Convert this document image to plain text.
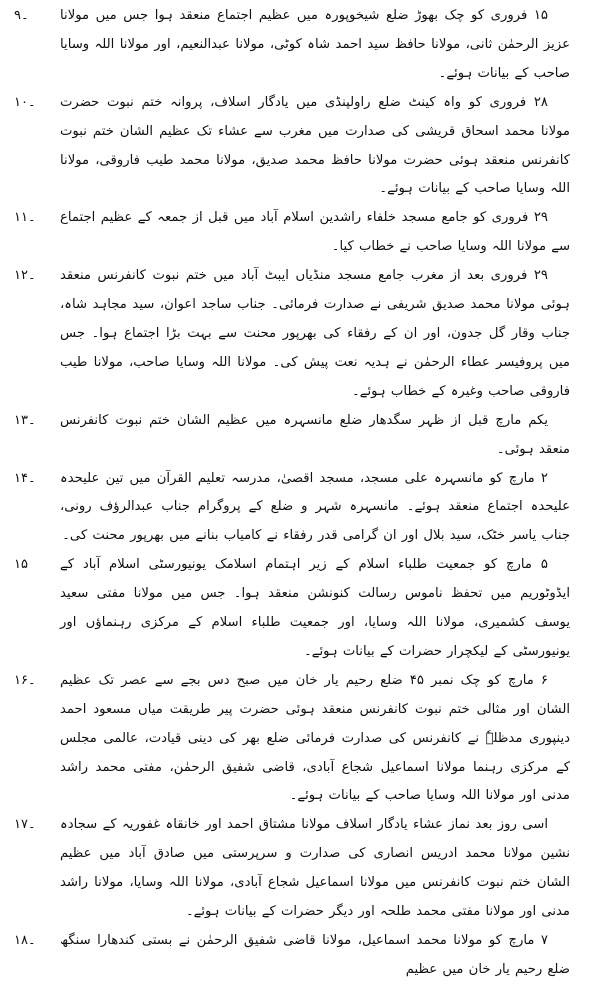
۹۔	۱۵ فروری کو چک بھوڑ ضلع شیخوپورہ میں عظیم اجتماع منعقد ہوا جس میں مولانا عزیز الرحمٰن ثانی، مولانا حافظ سید احمد شاہ کوٹی، مولانا عبدالنعیم، اور مولانا اللہ وسایا صاحب کے بیانات ہوئے۔
۱۰۔	۲۸ فروری کو واہ کینٹ ضلع راولپنڈی میں یادگار اسلاف، پروانہ ختم نبوت حضرت مولانا محمد اسحاق قریشی کی صدارت میں مغرب سے عشاء تک عظیم الشان ختم نبوت کانفرنس منعقد ہوئی حضرت مولانا حافظ محمد صدیق، مولانا محمد طیب فاروقی، مولانا اللہ وسایا صاحب کے بیانات ہوئے۔
۱۱۔	۲۹ فروری کو جامع مسجد خلفاء راشدین اسلام آباد میں قبل از جمعہ کے عظیم اجتماع سے مولانا اللہ وسایا صاحب نے خطاب کیا۔
۱۲۔	۲۹ فروری بعد از مغرب جامع مسجد منڈیاں ایبٹ آباد میں ختم نبوت کانفرنس منعقد ہوئی مولانا محمد صدیق شریفی نے صدارت فرمائی۔ جناب ساجد اعوان، سید مجاہد شاہ، جناب وقار گل جدون، اور ان کے رفقاء کی بھرپور محنت سے بہت بڑا اجتماع ہوا۔ جس میں پروفیسر عطاء الرحمٰن نے ہدیہ نعت پیش کی۔ مولانا اللہ وسایا صاحب، مولانا طیب فاروقی صاحب وغیرہ کے خطاب ہوئے۔
۱۳۔	یکم مارچ قبل از ظہر سگدھار ضلع مانسہرہ میں عظیم الشان ختم نبوت کانفرنس منعقد ہوئی۔
۱۴۔	۲ مارچ کو مانسہرہ علی مسجد، مسجد اقصیٰ، مدرسہ تعلیم القرآن میں تین علیحدہ علیحدہ اجتماع منعقد ہوئے۔ مانسہرہ شہر و ضلع کے پروگرام جناب عبدالرؤف رونی، جناب یاسر خٹک، سید بلال اور ان گرامی قدر رفقاء نے کامیاب بنانے میں بھرپور محنت کی۔
۱۵	۵ مارچ کو جمعیت طلباء اسلام کے زیر اہتمام اسلامک یونیورسٹی اسلام آباد کے ایڈوٹوریم میں تحفظ ناموس رسالت کنونشن منعقد ہوا۔ جس میں مولانا مفتی سعید یوسف کشمیری، مولانا اللہ وسایا، اور جمعیت طلباء اسلام کے مرکزی رہنماؤں اور یونیورسٹی کے لیکچرار حضرات کے بیانات ہوئے۔
۱۶۔	۶ مارچ کو چک نمبر ۴۵ ضلع رحیم یار خان میں صبح دس بجے سے عصر تک عظیم الشان اور مثالی ختم نبوت کانفرنس منعقد ہوئی حضرت پیر طریقت میاں مسعود احمد دینپوری مدظلہٗ نے کانفرنس کی صدارت فرمائی ضلع بھر کی دینی قیادت، عالمی مجلس کے مرکزی رہنما مولانا اسماعیل شجاع آبادی، قاضی شفیق الرحمٰن، مفتی محمد راشد مدنی اور مولانا اللہ وسایا صاحب کے بیانات ہوئے۔
۱۷۔	اسی روز بعد نماز عشاء یادگار اسلاف مولانا مشتاق احمد اور خانقاہ غفوریہ کے سجادہ نشین مولانا محمد ادریس انصاری کی صدارت و سرپرستی میں صادق آباد میں عظیم الشان ختم نبوت کانفرنس میں مولانا اسماعیل شجاع آبادی، مولانا اللہ وسایا، مولانا راشد مدنی اور مولانا مفتی محمد طلحہ اور دیگر حضرات کے بیانات ہوئے۔
۱۸۔	۷ مارچ کو مولانا محمد اسماعیل، مولانا قاضی شفیق الرحمٰن نے بستی کندھارا سنگھ ضلع رحیم یار خان میں عظیم
